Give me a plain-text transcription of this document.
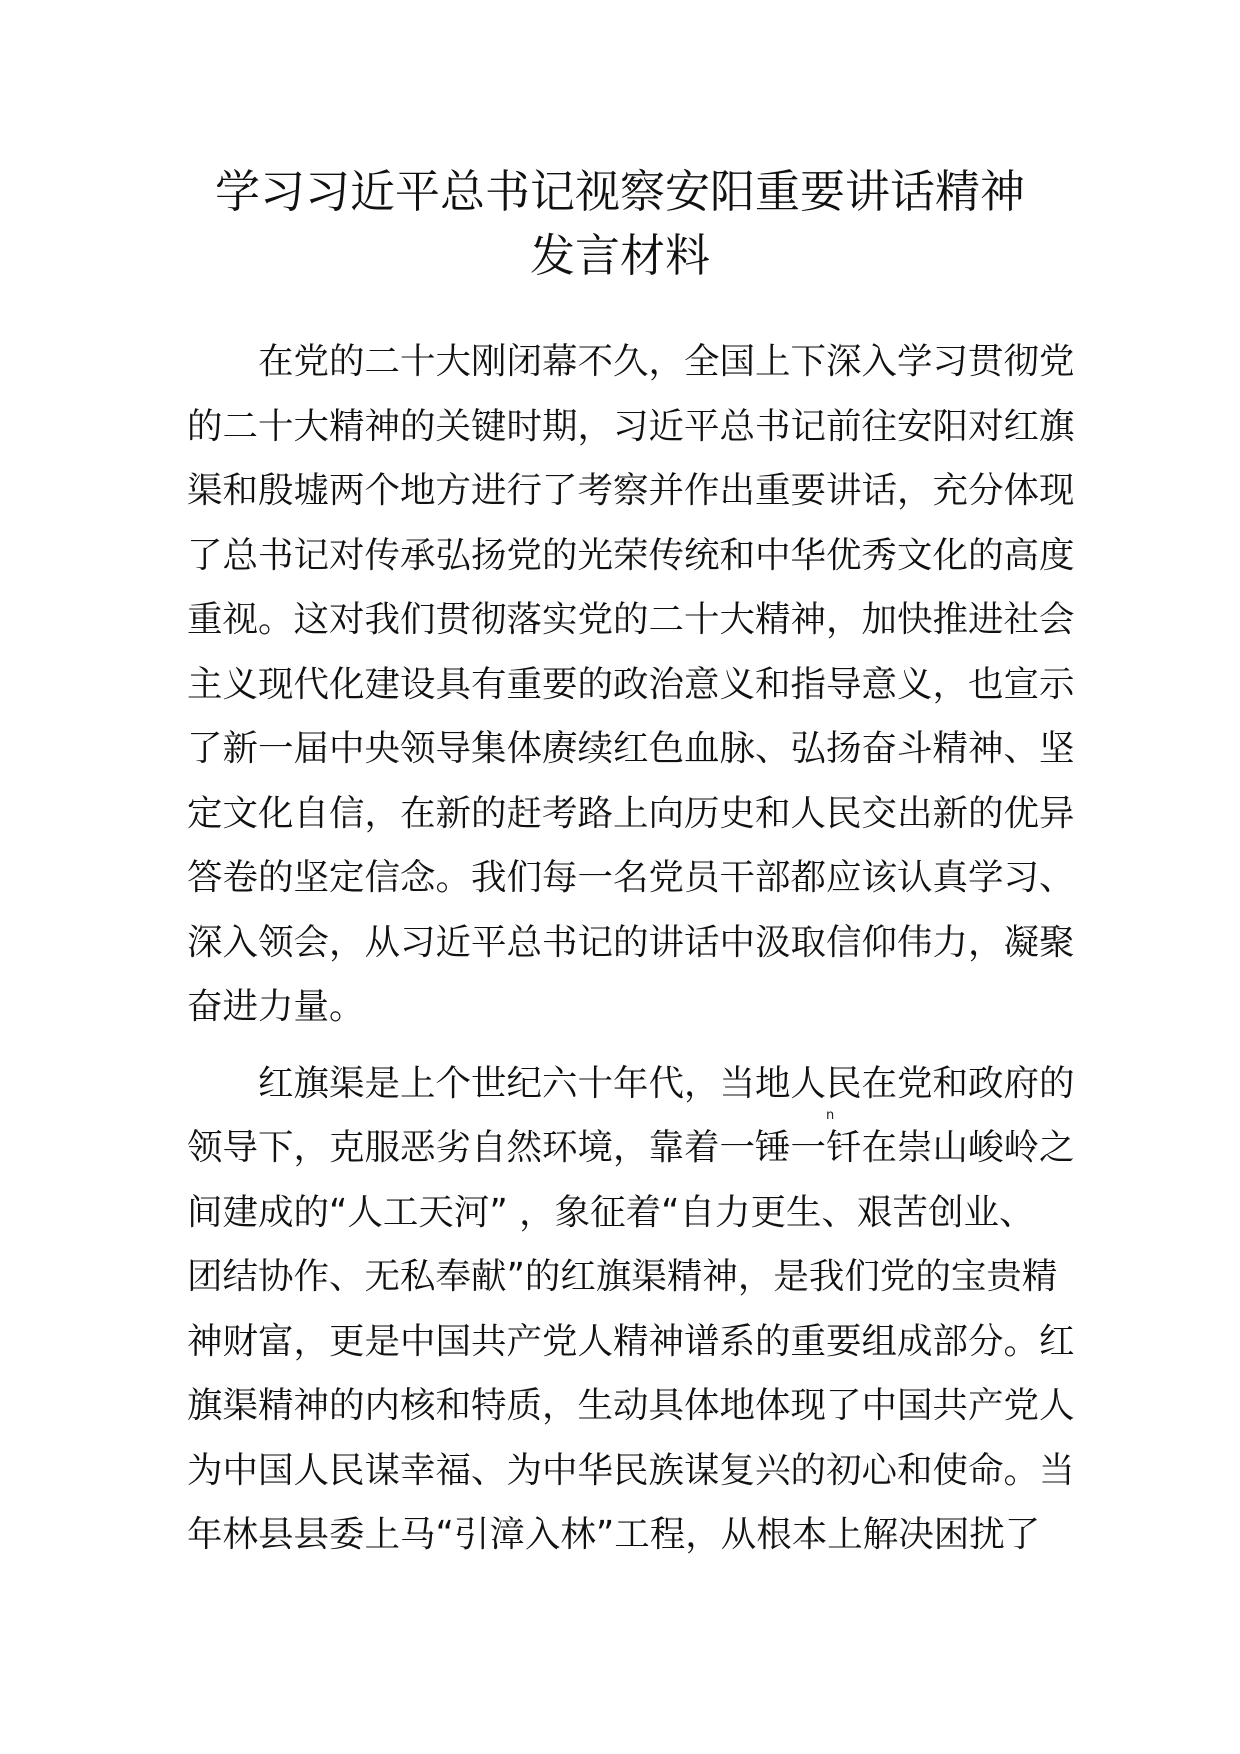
学习习近平总书记视察安阳重要讲话精神
发言材料
在党的二十大刚闭幕不久，全国上下深入学习贯彻党
的二十大精神的关键时期，习近平总书记前往安阳对红旗
渠和殷墟两个地方进行了考察并作出重要讲话，充分体现
了总书记对传承弘扬党的光荣传统和中华优秀文化的高度
重视。这对我们贯彻落实党的二十大精神，加快推进社会
主义现代化建设具有重要的政治意义和指导意义，也宣示
了新一届中央领导集体赓续红色血脉、弘扬奋斗精神、坚
定文化自信，在新的赶考路上向历史和人民交出新的优异
答卷的坚定信念。我们每一名党员干部都应该认真学习、
深入领会，从习近平总书记的讲话中汲取信仰伟力，凝聚
奋进力量。
红旗渠是上个世纪六十年代，当地人民在党和政府的
领导下，克服恶劣自然环境，靠着一锤一钎在崇山峻岭之
间建成的“人工天河” ，象征着“自力更生、艰苦创业、
团结协作、无私奉献”的红旗渠精神，是我们党的宝贵精
神财富，更是中国共产党人精神谱系的重要组成部分。红
旗渠精神的内核和特质，生动具体地体现了中国共产党人
为中国人民谋幸福、为中华民族谋复兴的初心和使命。当
年林县县委上马“引漳入林”工程，从根本上解决困扰了
n
